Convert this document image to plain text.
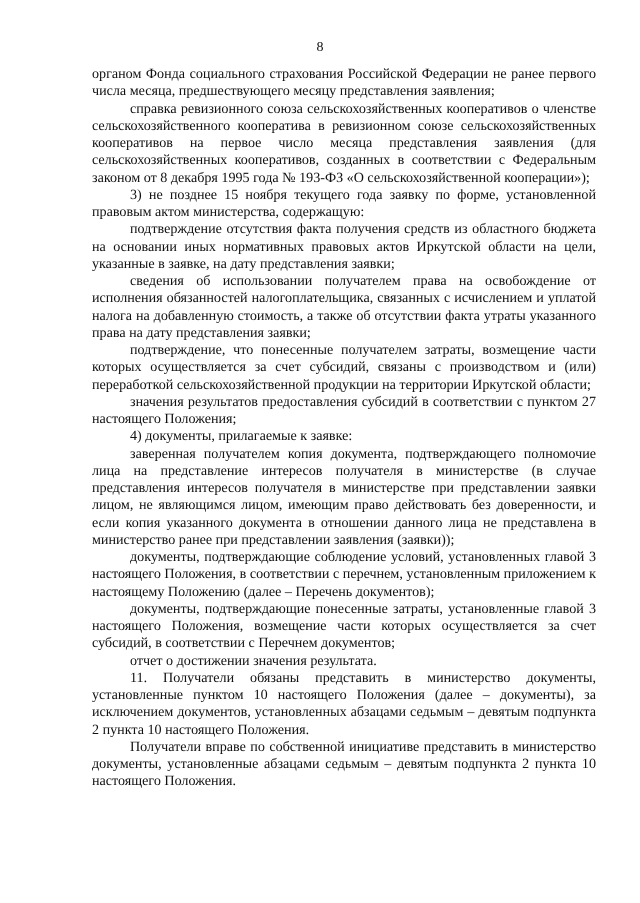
8

органом Фонда социального страхования Российской Федерации не ранее первого числа месяца, предшествующего месяцу представления заявления;

справка ревизионного союза сельскохозяйственных кооперативов о членстве сельскохозяйственного кооператива в ревизионном союзе сельскохозяйственных кооперативов на первое число месяца представления заявления (для сельскохозяйственных кооперативов, созданных в соответствии с Федеральным законом от 8 декабря 1995 года № 193-ФЗ «О сельскохозяйственной кооперации»);

3) не позднее 15 ноября текущего года заявку по форме, установленной правовым актом министерства, содержащую:

подтверждение отсутствия факта получения средств из областного бюджета на основании иных нормативных правовых актов Иркутской области на цели, указанные в заявке, на дату представления заявки;

сведения об использовании получателем права на освобождение от исполнения обязанностей налогоплательщика, связанных с исчислением и уплатой налога на добавленную стоимость, а также об отсутствии факта утраты указанного права на дату представления заявки;

подтверждение, что понесенные получателем затраты, возмещение части которых осуществляется за счет субсидий, связаны с производством и (или) переработкой сельскохозяйственной продукции на территории Иркутской области;

значения результатов предоставления субсидий в соответствии с пунктом 27 настоящего Положения;

4) документы, прилагаемые к заявке:

заверенная получателем копия документа, подтверждающего полномочие лица на представление интересов получателя в министерстве (в случае представления интересов получателя в министерстве при представлении заявки лицом, не являющимся лицом, имеющим право действовать без доверенности, и если копия указанного документа в отношении данного лица не представлена в министерство ранее при представлении заявления (заявки));

документы, подтверждающие соблюдение условий, установленных главой 3 настоящего Положения, в соответствии с перечнем, установленным приложением к настоящему Положению (далее – Перечень документов);

документы, подтверждающие понесенные затраты, установленные главой 3 настоящего Положения, возмещение части которых осуществляется за счет субсидий, в соответствии с Перечнем документов;

отчет о достижении значения результата.

11. Получатели обязаны представить в министерство документы, установленные пунктом 10 настоящего Положения (далее – документы), за исключением документов, установленных абзацами седьмым – девятым подпункта 2 пункта 10 настоящего Положения.

Получатели вправе по собственной инициативе представить в министерство документы, установленные абзацами седьмым – девятым подпункта 2 пункта 10 настоящего Положения.
